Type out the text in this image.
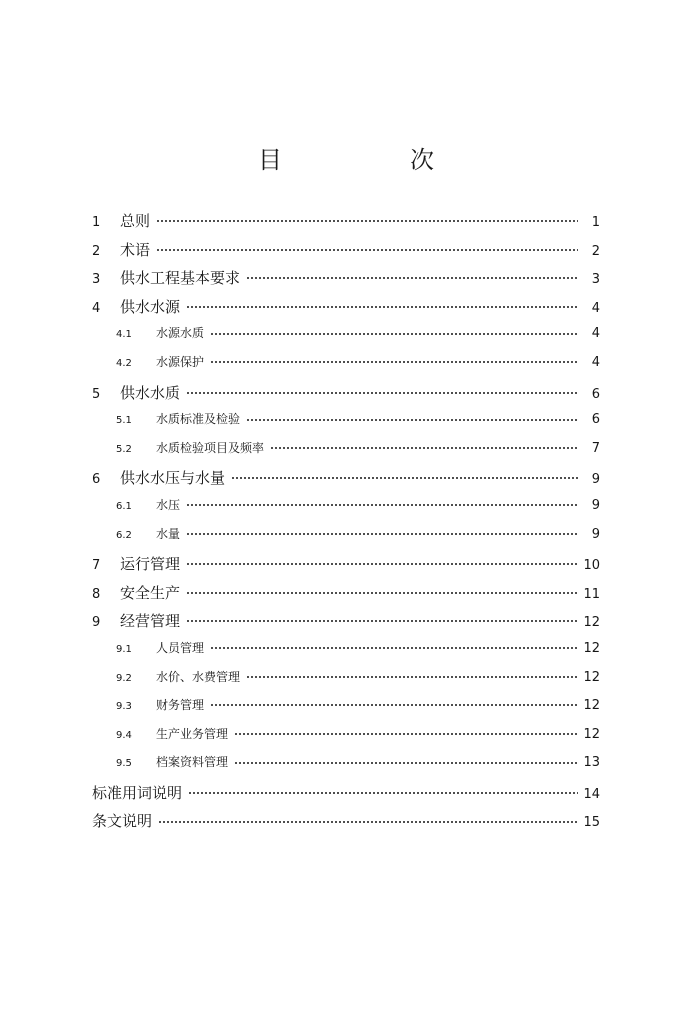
目　次
1	总则	1
2	术语	2
3	供水工程基本要求	3
4	供水水源	4
4.1	水源水质	4
4.2	水源保护	4
5	供水水质	6
5.1	水质标准及检验	6
5.2	水质检验项目及频率	7
6	供水水压与水量	9
6.1	水压	9
6.2	水量	9
7	运行管理	10
8	安全生产	11
9	经营管理	12
9.1	人员管理	12
9.2	水价、水费管理	12
9.3	财务管理	12
9.4	生产业务管理	12
9.5	档案资料管理	13
标准用词说明	14
条文说明	15
